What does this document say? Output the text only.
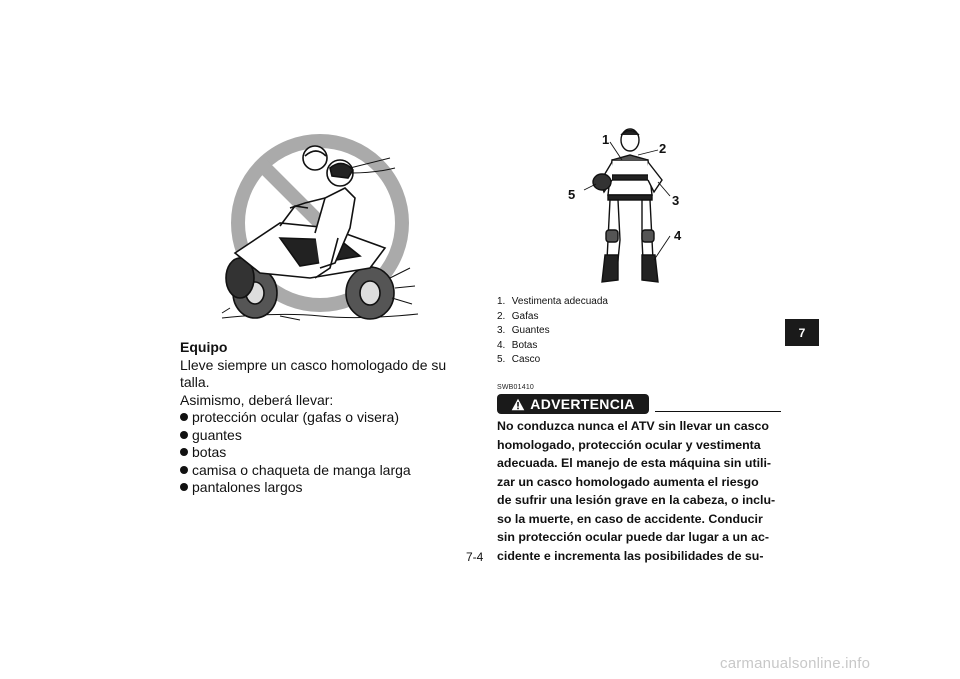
7
Equipo
Lleve siempre un casco homologado de su talla.
Asimismo, deberá llevar:
protección ocular (gafas o visera)
guantes
botas
camisa o chaqueta de manga larga
pantalones largos
1
2
3
4
5
1. Vestimenta adecuada
2. Gafas
3. Guantes
4. Botas
5. Casco
SWB01410
ADVERTENCIA
No conduzca nunca el ATV sin llevar un casco
homologado, protección ocular y vestimenta
adecuada. El manejo de esta máquina sin utili-
zar un casco homologado aumenta el riesgo
de sufrir una lesión grave en la cabeza, o inclu-
so la muerte, en caso de accidente. Conducir
sin protección ocular puede dar lugar a un ac-
cidente e incrementa las posibilidades de su-
7-4
carmanualsonline.info
